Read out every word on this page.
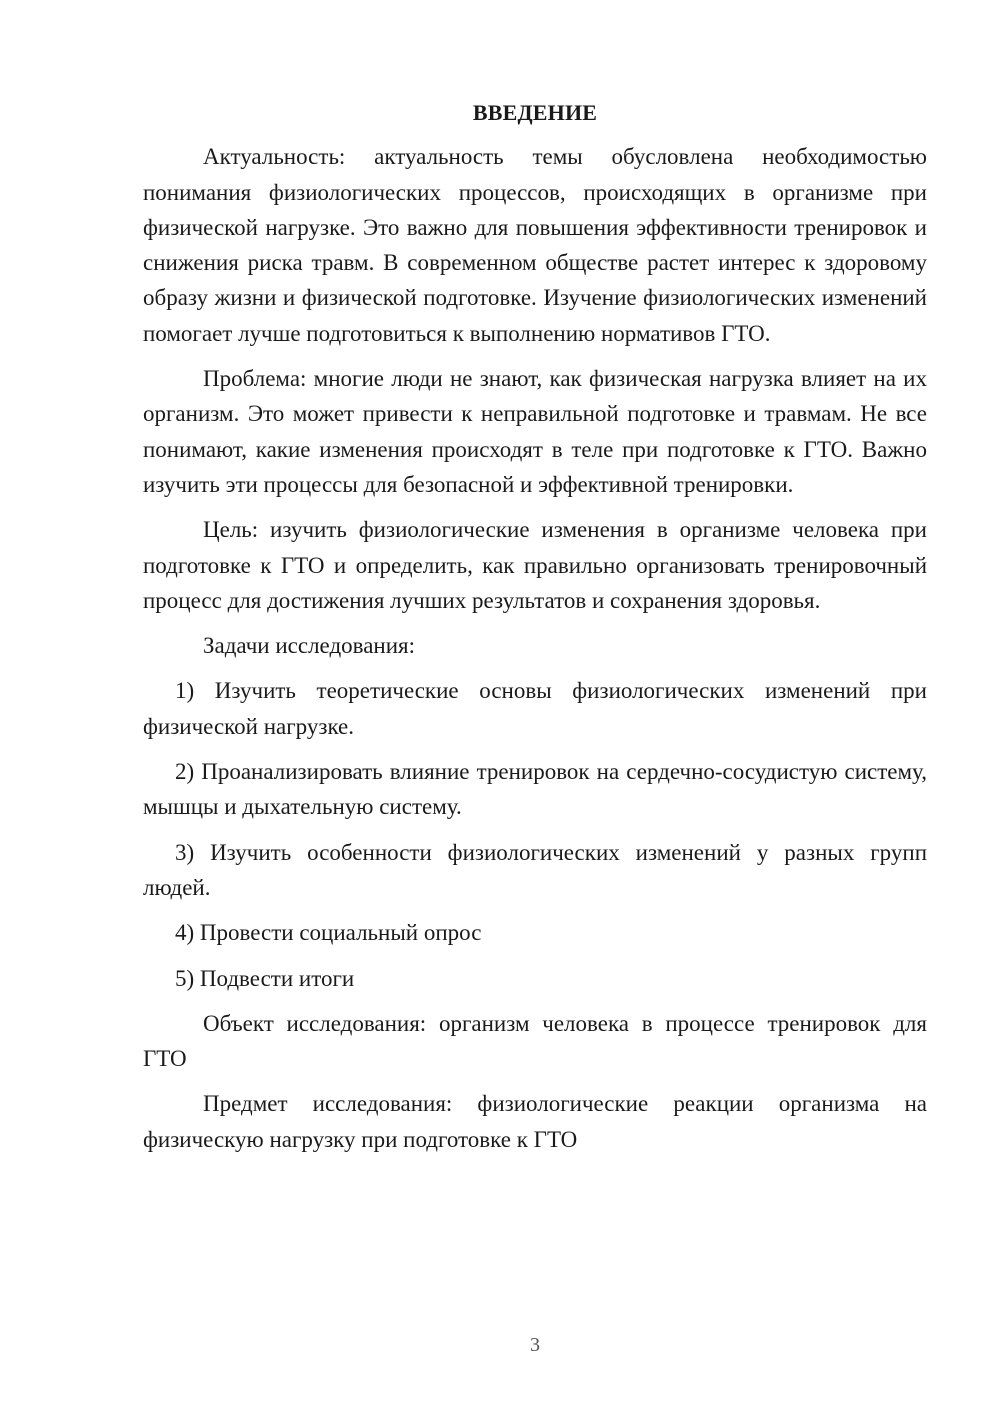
ВВЕДЕНИЕ

Актуальность: актуальность темы обусловлена необходимостью понимания физиологических процессов, происходящих в организме при физической нагрузке. Это важно для повышения эффективности тренировок и снижения риска травм. В современном обществе растет интерес к здоровому образу жизни и физической подготовке. Изучение физиологических изменений помогает лучше подготовиться к выполнению нормативов ГТО.

Проблема: многие люди не знают, как физическая нагрузка влияет на их организм. Это может привести к неправильной подготовке и травмам. Не все понимают, какие изменения происходят в теле при подготовке к ГТО. Важно изучить эти процессы для безопасной и эффективной тренировки.

Цель: изучить физиологические изменения в организме человека при подготовке к ГТО и определить, как правильно организовать тренировочный процесс для достижения лучших результатов и сохранения здоровья.

Задачи исследования:

1) Изучить теоретические основы физиологических изменений при физической нагрузке.

2) Проанализировать влияние тренировок на сердечно-сосудистую систему, мышцы и дыхательную систему.

3) Изучить особенности физиологических изменений у разных групп людей.

4) Провести социальный опрос

5) Подвести итоги

Объект исследования: организм человека в процессе тренировок для ГТО

Предмет исследования: физиологические реакции организма на физическую нагрузку при подготовке к ГТО

3
